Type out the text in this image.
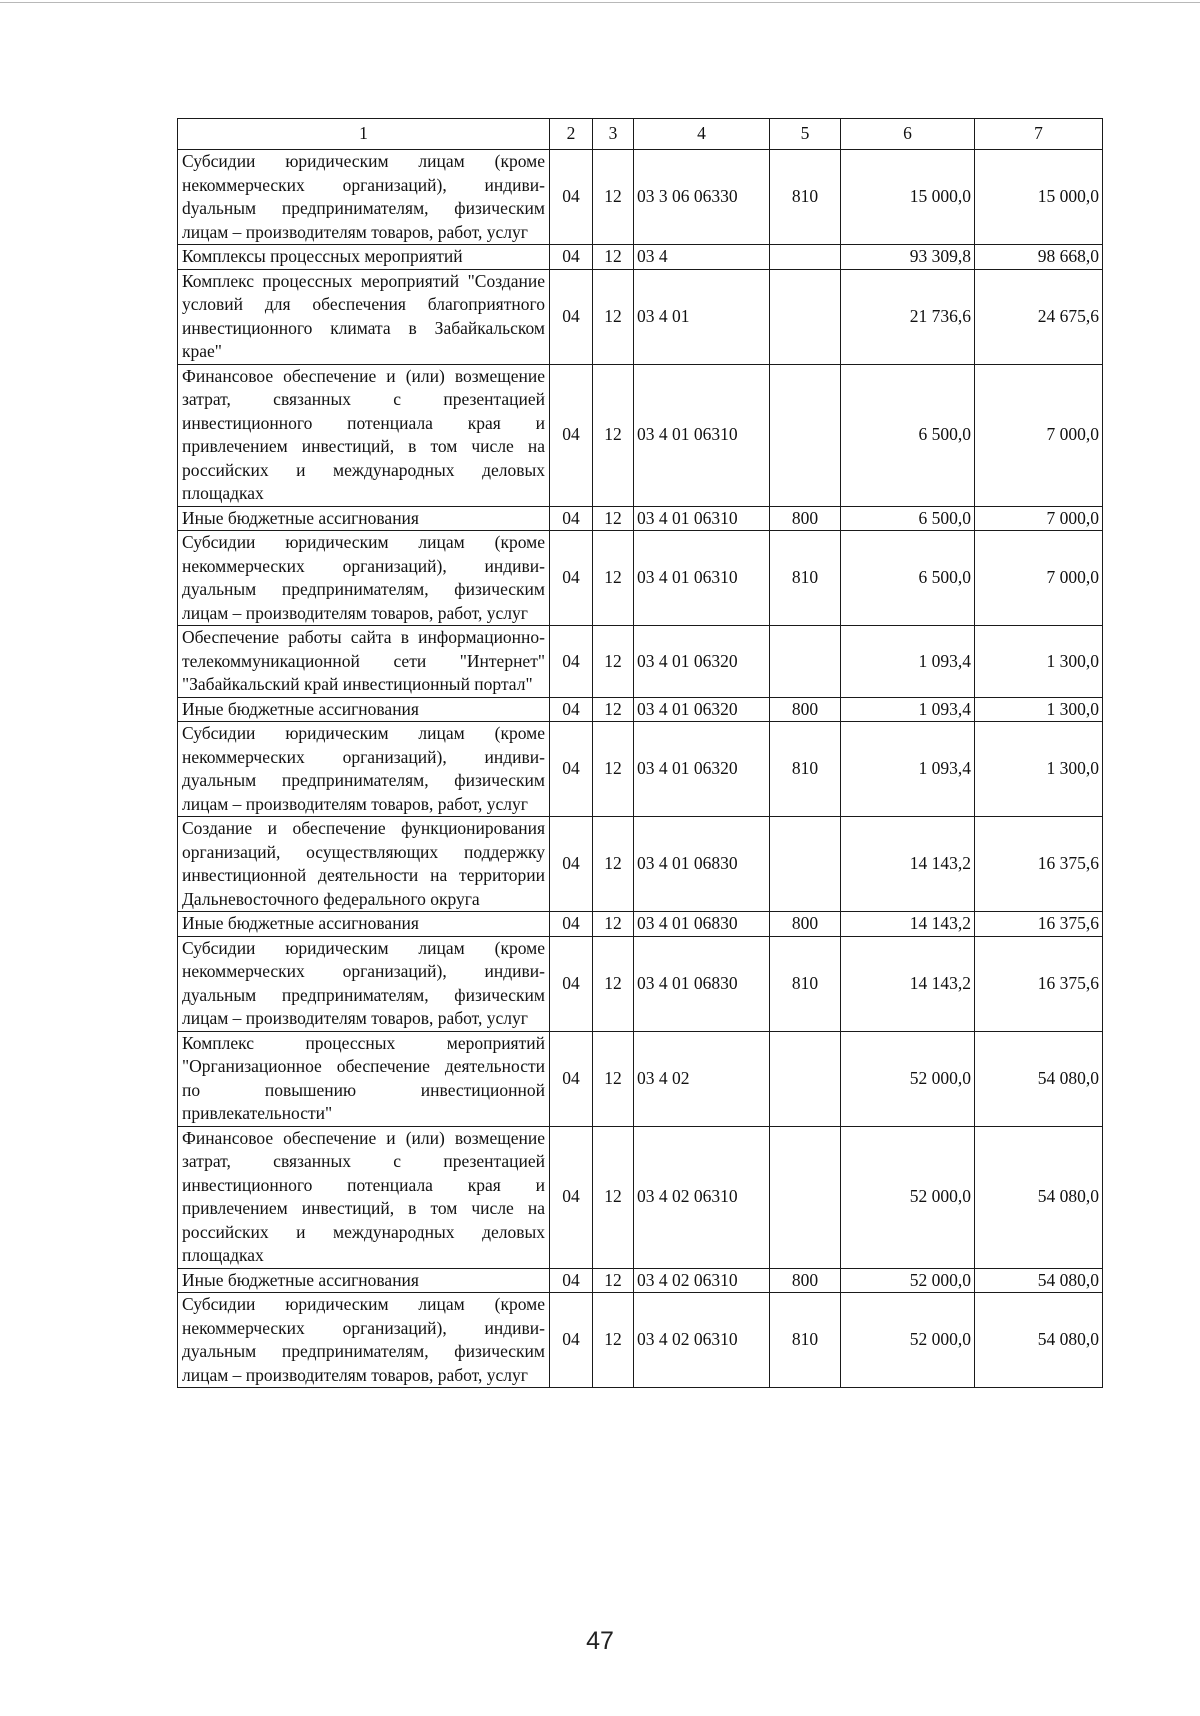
1	2	3	4	5	6	7
Субсидии юридическим лицам (кроме некоммерческих организаций), индивиdуальным предпринимателям, физическим лицам – производителям товаров, работ, услуг	04	12	03 3 06 06330	810	15 000,0	15 000,0
Комплексы процессных мероприятий	04	12	03 4		93 309,8	98 668,0
Комплекс процессных мероприятий "Создание условий для обеспечения благоприятного инвестиционного климата в Забайкальском крае"	04	12	03 4 01		21 736,6	24 675,6
Финансовое обеспечение и (или) возмещение затрат, связанных с презентацией инвестиционного потенциала края и привлечением инвестиций, в том числе на российских и международных деловых площадках	04	12	03 4 01 06310		6 500,0	7 000,0
Иные бюджетные ассигнования	04	12	03 4 01 06310	800	6 500,0	7 000,0
Субсидии юридическим лицам (кроме некоммерческих организаций), индивидуальным предпринимателям, физическим лицам – производителям товаров, работ, услуг	04	12	03 4 01 06310	810	6 500,0	7 000,0
Обеспечение работы сайта в информационно-телекоммуникационной сети "Интернет" "Забайкальский край инвестиционный портал"	04	12	03 4 01 06320		1 093,4	1 300,0
Иные бюджетные ассигнования	04	12	03 4 01 06320	800	1 093,4	1 300,0
Субсидии юридическим лицам (кроме некоммерческих организаций), индивидуальным предпринимателям, физическим лицам – производителям товаров, работ, услуг	04	12	03 4 01 06320	810	1 093,4	1 300,0
Создание и обеспечение функционирования организаций, осуществляющих поддержку инвестиционной деятельности на территории Дальневосточного федерального округа	04	12	03 4 01 06830		14 143,2	16 375,6
Иные бюджетные ассигнования	04	12	03 4 01 06830	800	14 143,2	16 375,6
Субсидии юридическим лицам (кроме некоммерческих организаций), индивидуальным предпринимателям, физическим лицам – производителям товаров, работ, услуг	04	12	03 4 01 06830	810	14 143,2	16 375,6
Комплекс процессных мероприятий "Организационное обеспечение деятельности по повышению инвестиционной привлекательности"	04	12	03 4 02		52 000,0	54 080,0
Финансовое обеспечение и (или) возмещение затрат, связанных с презентацией инвестиционного потенциала края и привлечением инвестиций, в том числе на российских и международных деловых площадках	04	12	03 4 02 06310		52 000,0	54 080,0
Иные бюджетные ассигнования	04	12	03 4 02 06310	800	52 000,0	54 080,0
Субсидии юридическим лицам (кроме некоммерческих организаций), индивидуальным предпринимателям, физическим лицам – производителям товаров, работ, услуг	04	12	03 4 02 06310	810	52 000,0	54 080,0
47
